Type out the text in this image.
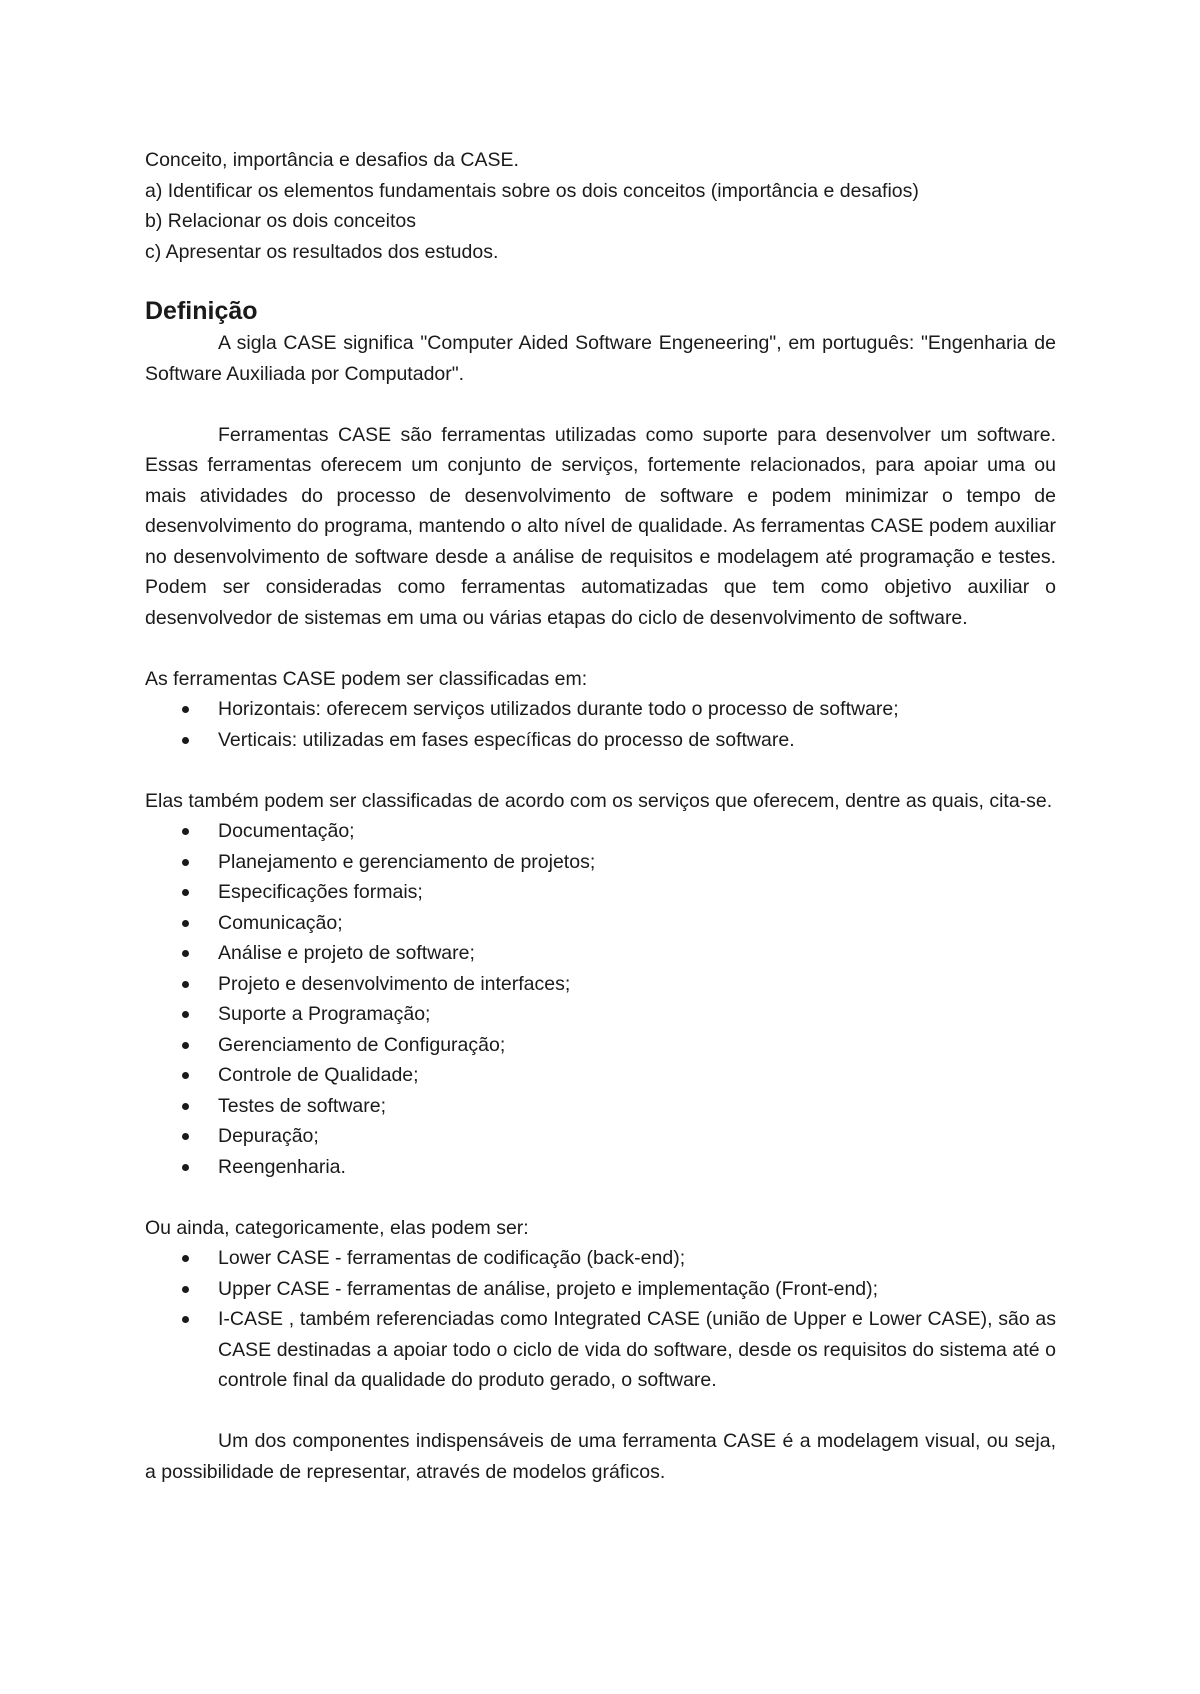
Conceito, importância e desafios da CASE.
a) Identificar os elementos fundamentais sobre os dois conceitos (importância e desafios)
b) Relacionar os dois conceitos
c) Apresentar os resultados dos estudos.
Definição

A sigla CASE significa "Computer Aided Software Engeneering", em português: "Engenharia de Software Auxiliada por Computador".

Ferramentas CASE são ferramentas utilizadas como suporte para desenvolver um software. Essas ferramentas oferecem um conjunto de serviços, fortemente relacionados, para apoiar uma ou mais atividades do processo de desenvolvimento de software e podem minimizar o tempo de desenvolvimento do programa, mantendo o alto nível de qualidade. As ferramentas CASE podem auxiliar no desenvolvimento de software desde a análise de requisitos e modelagem até programação e testes. Podem ser consideradas como ferramentas automatizadas que tem como objetivo auxiliar o desenvolvedor de sistemas em uma ou várias etapas do ciclo de desenvolvimento de software.

As ferramentas CASE podem ser classificadas em:

Horizontais: oferecem serviços utilizados durante todo o processo de software;
Verticais: utilizadas em fases específicas do processo de software.

Elas também podem ser classificadas de acordo com os serviços que oferecem, dentre as quais, cita-se.

Documentação;
Planejamento e gerenciamento de projetos;
Especificações formais;
Comunicação;
Análise e projeto de software;
Projeto e desenvolvimento de interfaces;
Suporte a Programação;
Gerenciamento de Configuração;
Controle de Qualidade;
Testes de software;
Depuração;
Reengenharia.

Ou ainda, categoricamente, elas podem ser:

Lower CASE - ferramentas de codificação (back-end);
Upper CASE - ferramentas de análise, projeto e implementação (Front-end);
I-CASE , também referenciadas como Integrated CASE (união de Upper e Lower CASE), são as CASE destinadas a apoiar todo o ciclo de vida do software, desde os requisitos do sistema até o controle final da qualidade do produto gerado, o software.

Um dos componentes indispensáveis de uma ferramenta CASE é a modelagem visual, ou seja, a possibilidade de representar, através de modelos gráficos.
